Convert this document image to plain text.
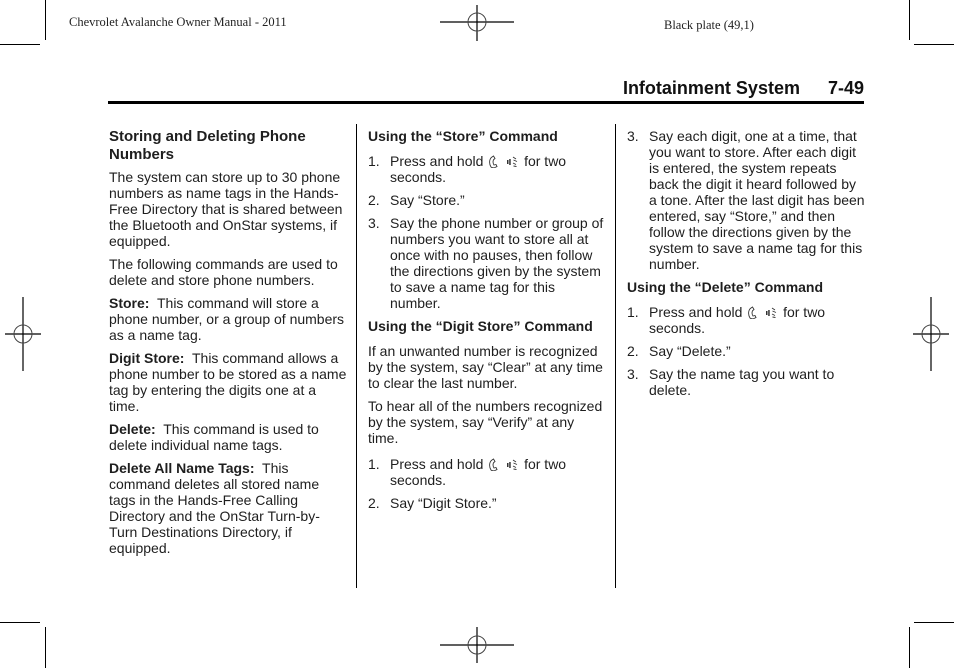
Chevrolet Avalanche Owner Manual - 2011	Black plate (49,1)
Infotainment System 7-49
Storing and Deleting Phone Numbers

The system can store up to 30 phone numbers as name tags in the Hands-Free Directory that is shared between the Bluetooth and OnStar systems, if equipped.

The following commands are used to delete and store phone numbers.

Store: This command will store a phone number, or a group of numbers as a name tag.

Digit Store: This command allows a phone number to be stored as a name tag by entering the digits one at a time.

Delete: This command is used to delete individual name tags.

Delete All Name Tags: This command deletes all stored name tags in the Hands-Free Calling Directory and the OnStar Turn-by-Turn Destinations Directory, if equipped.

Using the “Store” Command
1. Press and hold	for two seconds.
2. Say “Store.”
3. Say the phone number or group of numbers you want to store all at once with no pauses, then follow the directions given by the system to save a name tag for this number.
Using the “Digit Store” Command

If an unwanted number is recognized by the system, say “Clear” at any time to clear the last number.

To hear all of the numbers recognized by the system, say “Verify” at any time.

1. Press and hold	for two seconds.
2. Say “Digit Store.”
3. Say each digit, one at a time, that you want to store. After each digit is entered, the system repeats back the digit it heard followed by a tone. After the last digit has been entered, say “Store,” and then follow the directions given by the system to save a name tag for this number.
Using the “Delete” Command
1. Press and hold	for two seconds.
2. Say “Delete.”
3. Say the name tag you want to delete.
